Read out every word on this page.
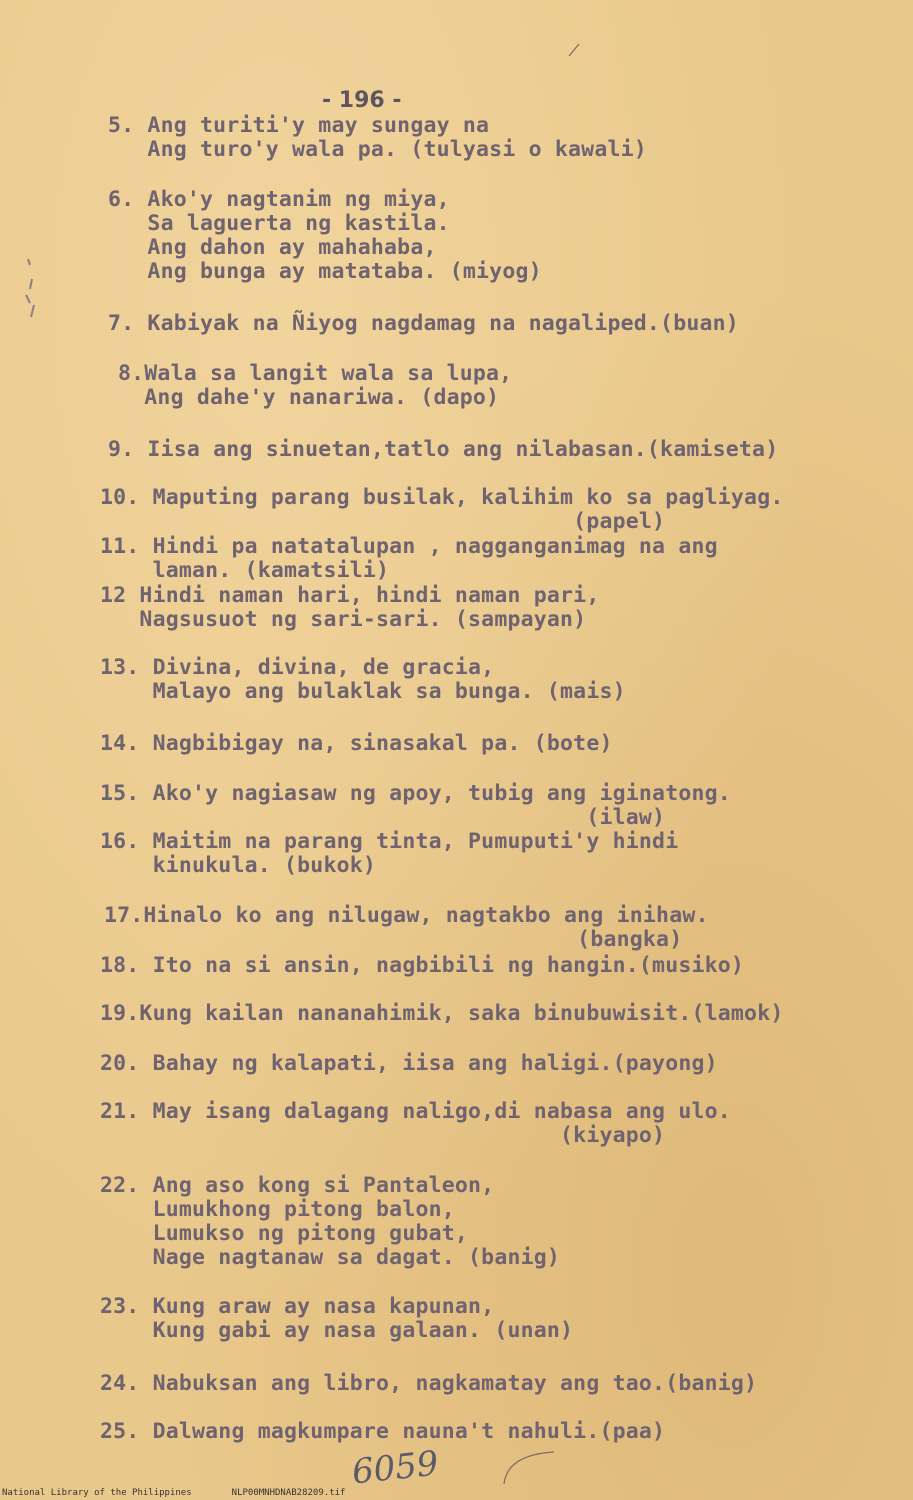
- 196 -
5. Ang turiti'y may sungay na
Ang turo'y wala pa. (tulyasi o kawali)
6. Ako'y nagtanim ng miya,
Sa laguerta ng kastila.
Ang dahon ay mahahaba,
Ang bunga ay matataba. (miyog)
7. Kabiyak na Ñiyog nagdamag na nagaliped.(buan)
8.Wala sa langit wala sa lupa,
Ang dahe'y nanariwa. (dapo)
9. Iisa ang sinuetan,tatlo ang nilabasan.(kamiseta)
10. Maputing parang busilak, kalihim ko sa pagliyag.
(papel)
11. Hindi pa natatalupan , nagganganimag na ang
laman. (kamatsili)
12 Hindi naman hari, hindi naman pari,
Nagsusuot ng sari-sari. (sampayan)
13. Divina, divina, de gracia,
Malayo ang bulaklak sa bunga. (mais)
14. Nagbibigay na, sinasakal pa. (bote)
15. Ako'y nagiasaw ng apoy, tubig ang iginatong.
(ilaw)
16. Maitim na parang tinta, Pumuputi'y hindi
kinukula. (bukok)
17.Hinalo ko ang nilugaw, nagtakbo ang inihaw.
(bangka)
18. Ito na si ansin, nagbibili ng hangin.(musiko)
19.Kung kailan nananahimik, saka binubuwisit.(lamok)
20. Bahay ng kalapati, iisa ang haligi.(payong)
21. May isang dalagang naligo,di nabasa ang ulo.
(kiyapo)
22. Ang aso kong si Pantaleon,
Lumukhong pitong balon,
Lumukso ng pitong gubat,
Nage nagtanaw sa dagat. (banig)
23. Kung araw ay nasa kapunan,
Kung gabi ay nasa galaan. (unan)
24. Nabuksan ang libro, nagkamatay ang tao.(banig)
25. Dalwang magkumpare nauna't nahuli.(paa)
6059
National Library of the Philippines	NLP00MNHDNAB28209.tif
